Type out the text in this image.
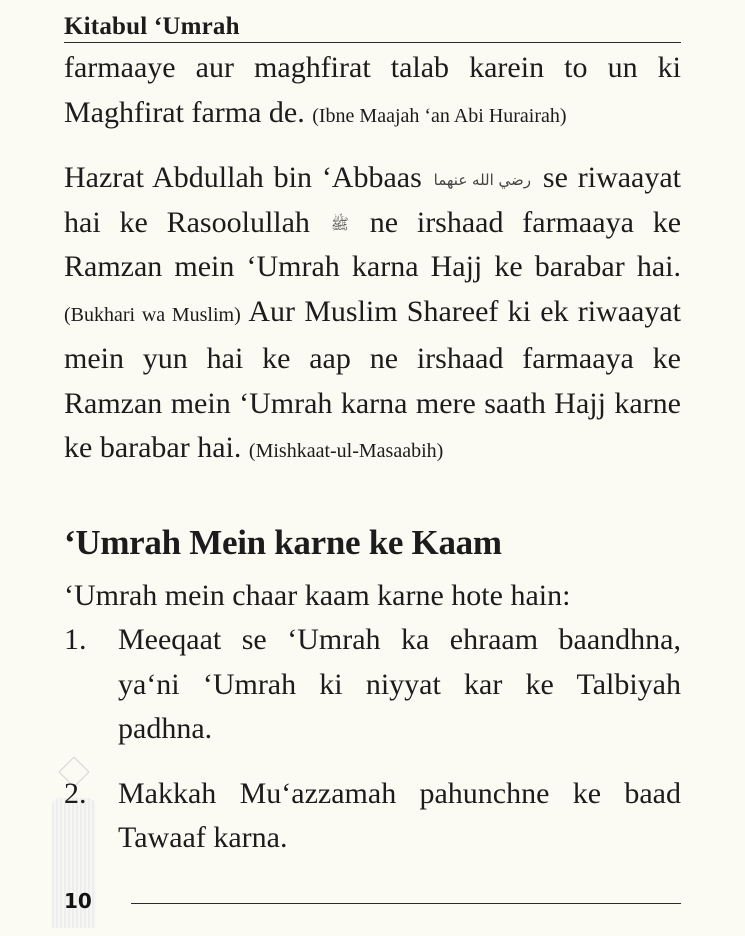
Kitabul ‘Umrah

farmaaye aur maghfirat talab karein to un ki Maghfirat farma de. (Ibne Maajah ‘an Abi Hurairah)

Hazrat Abdullah bin ‘Abbaas رضي الله عنهما se riwaayat hai ke Rasoolullah ﷺ ne irshaad farmaaya ke Ramzan mein ‘Umrah karna Hajj ke barabar hai. (Bukhari wa Muslim) Aur Muslim Shareef ki ek riwaayat mein yun hai ke aap ne irshaad farmaaya ke Ramzan mein ‘Umrah karna mere saath Hajj karne ke barabar hai. (Mishkaat-ul-Masaabih)

‘Umrah Mein karne ke Kaam

‘Umrah mein chaar kaam karne hote hain:

1.	Meeqaat se ‘Umrah ka ehraam baandhna, ya‘ni ‘Umrah ki niyyat kar ke Talbiyah padhna.
2.	Makkah Mu‘azzamah pahunchne ke baad Tawaaf karna.
10
